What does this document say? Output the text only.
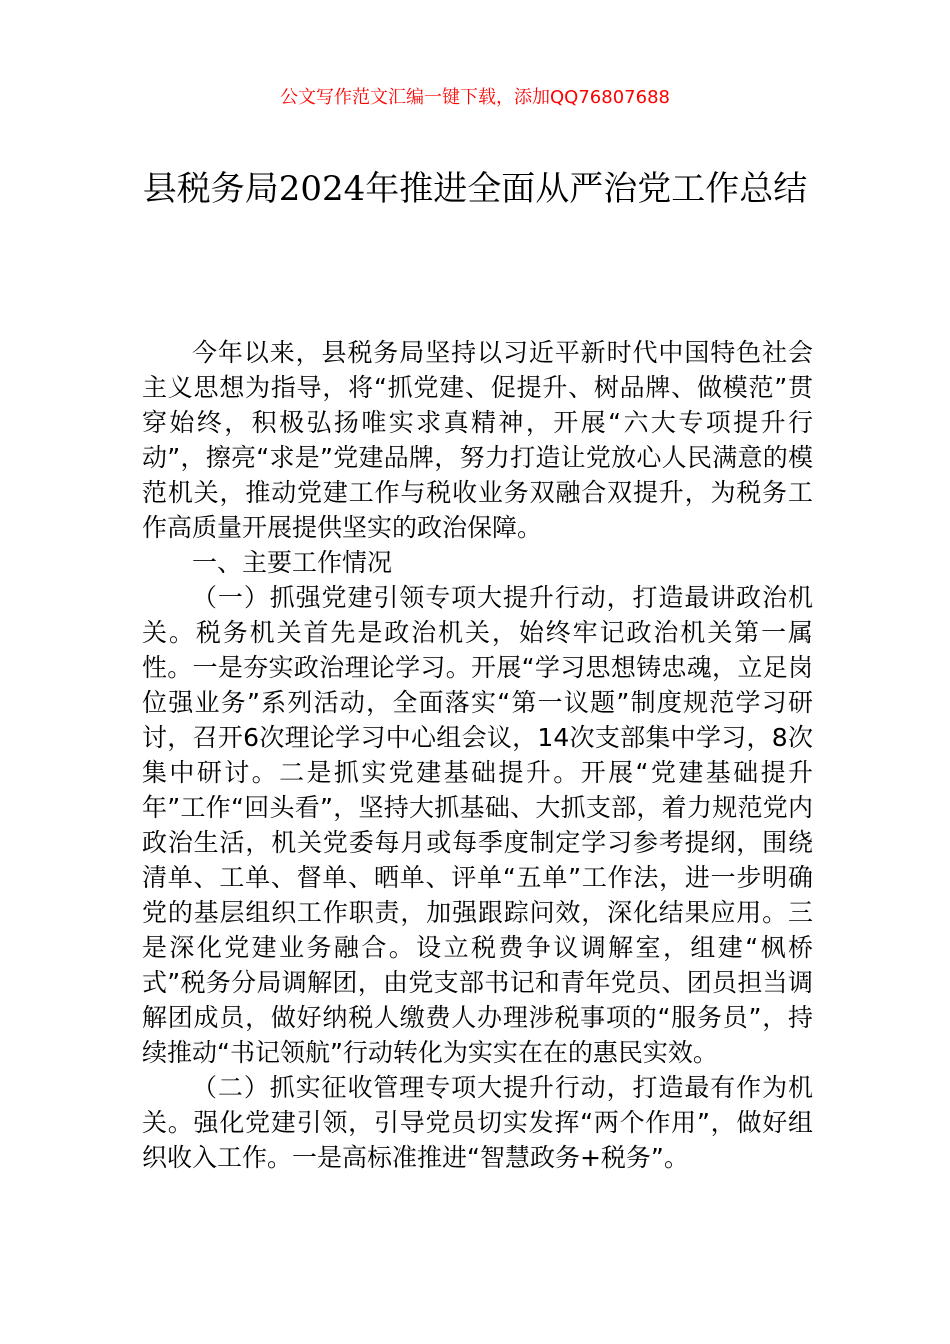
公文写作范文汇编一键下载，添加QQ76807688
县税务局2024年推进全面从严治党工作总结

今年以来，县税务局坚持以习近平新时代中国特色社会主义思想为指导，将“抓党建、促提升、树品牌、做模范”贯穿始终，积极弘扬唯实求真精神，开展“六大专项提升行动”，擦亮“求是”党建品牌，努力打造让党放心人民满意的模范机关，推动党建工作与税收业务双融合双提升，为税务工作高质量开展提供坚实的政治保障。

一、主要工作情况

（一）抓强党建引领专项大提升行动，打造最讲政治机关。税务机关首先是政治机关，始终牢记政治机关第一属性。一是夯实政治理论学习。开展“学习思想铸忠魂，立足岗位强业务”系列活动，全面落实“第一议题”制度规范学习研讨，召开6次理论学习中心组会议，14次支部集中学习，8次集中研讨。二是抓实党建基础提升。开展“党建基础提升年”工作“回头看”，坚持大抓基础、大抓支部，着力规范党内政治生活，机关党委每月或每季度制定学习参考提纲，围绕清单、工单、督单、晒单、评单“五单”工作法，进一步明确党的基层组织工作职责，加强跟踪问效，深化结果应用。三是深化党建业务融合。设立税费争议调解室，组建“枫桥式”税务分局调解团，由党支部书记和青年党员、团员担当调解团成员，做好纳税人缴费人办理涉税事项的“服务员”，持续推动“书记领航”行动转化为实实在在的惠民实效。

（二）抓实征收管理专项大提升行动，打造最有作为机关。强化党建引领，引导党员切实发挥“两个作用”，做好组织收入工作。一是高标准推进“智慧政务+税务”。
